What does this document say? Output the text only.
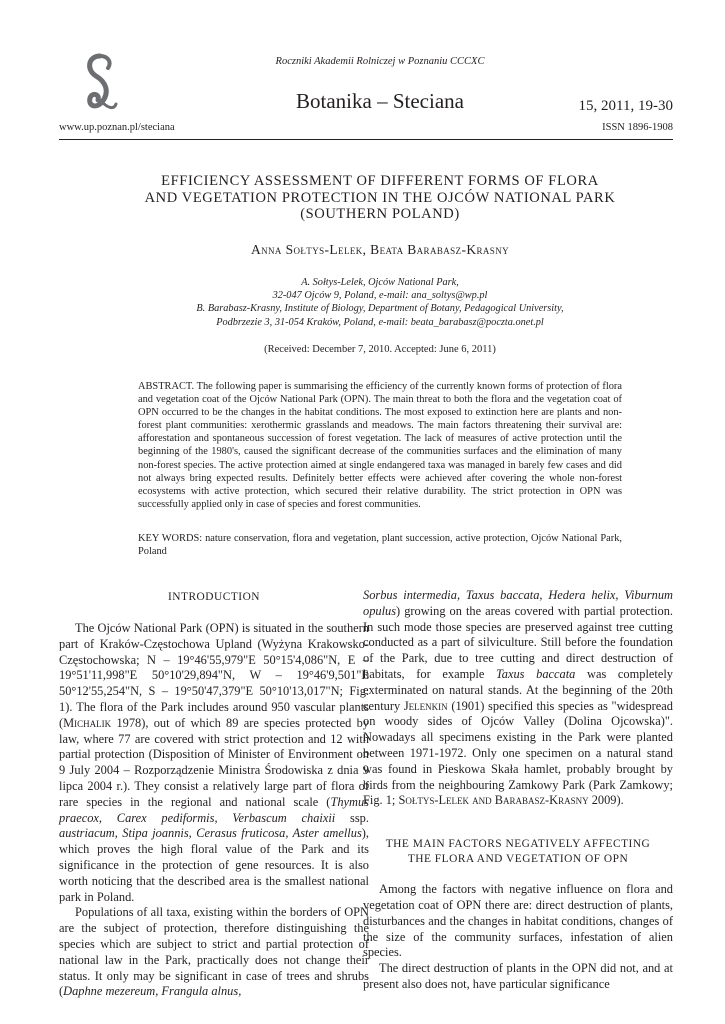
Roczniki Akademii Rolniczej w Poznaniu CCCXC
Botanika – Steciana	15, 2011, 19-30
www.up.poznan.pl/steciana	ISSN 1896-1908
EFFICIENCY ASSESSMENT OF DIFFERENT FORMS OF FLORA
AND VEGETATION PROTECTION IN THE OJCÓW NATIONAL PARK
(SOUTHERN POLAND)
Anna Sołtys-Lelek, Beata Barabasz-Krasny
A. Sołtys-Lelek, Ojców National Park,
32-047 Ojców 9, Poland, e-mail: ana_soltys@wp.pl
B. Barabasz-Krasny, Institute of Biology, Department of Botany, Pedagogical University,
Podbrzezie 3, 31-054 Kraków, Poland, e-mail: beata_barabasz@poczta.onet.pl
(Received: December 7, 2010. Accepted: June 6, 2011)
ABSTRACT. The following paper is summarising the efficiency of the currently known forms of protection of flora and vegetation coat of the Ojców National Park (OPN). The main threat to both the flora and the vegetation coat of OPN occurred to be the changes in the habitat conditions. The most exposed to extinction here are plants and non-forest plant communities: xerothermic grasslands and meadows. The main factors threatening their survival are: afforestation and spontaneous succession of forest vegetation. The lack of measures of active protection until the beginning of the 1980's, caused the significant decrease of the communities surfaces and the elimination of many non-forest species. The active protection aimed at single endangered taxa was managed in barely few cases and did not always bring expected results. Definitely better effects were achieved after covering the whole non-forest ecosystems with active protection, which secured their relative durability. The strict protection in OPN was successfully applied only in case of species and forest communities.
KEY WORDS: nature conservation, flora and vegetation, plant succession, active protection, Ojców National Park, Poland
INTRODUCTION

The Ojców National Park (OPN) is situated in the southern part of Kraków-Częstochowa Upland (Wyżyna Krakowsko-Częstochowska; N – 19°46'55,979"E 50°15'4,086"N, E – 19°51'11,998"E 50°10'29,894"N, W – 19°46'9,501"E 50°12'55,254"N, S – 19°50'47,379"E 50°10'13,017"N; Fig. 1). The flora of the Park includes around 950 vascular plants (Michalik 1978), out of which 89 are species protected by law, where 77 are covered with strict protection and 12 with partial protection (Disposition of Minister of Environment on 9 July 2004 – Rozporządzenie Ministra Środowiska z dnia 9 lipca 2004 r.). They consist a relatively large part of flora of rare species in the regional and national scale (Thymus praecox, Carex pediformis, Verbascum chaixii ssp. austriacum, Stipa joannis, Cerasus fruticosa, Aster amellus), which proves the high floral value of the Park and its significance in the protection of gene resources. It is also worth noticing that the described area is the smallest national park in Poland.

Populations of all taxa, existing within the borders of OPN are the subject of protection, therefore distinguishing the species which are subject to strict and partial protection of national law in the Park, practically does not change their status. It only may be significant in case of trees and shrubs (Daphne mezereum, Frangula alnus,

Sorbus intermedia, Taxus baccata, Hedera helix, Viburnum opulus) growing on the areas covered with partial protection. In such mode those species are preserved against tree cutting conducted as a part of silviculture. Still before the foundation of the Park, due to tree cutting and direct destruction of habitats, for example Taxus baccata was completely exterminated on natural stands. At the beginning of the 20th century Jelenkin (1901) specified this species as "widespread on woody sides of Ojców Valley (Dolina Ojcowska)". Nowadays all specimens existing in the Park were planted between 1971-1972. Only one specimen on a natural stand was found in Pieskowa Skała hamlet, probably brought by birds from the neighbouring Zamkowy Park (Park Zamkowy; Fig. 1; Sołtys-Lelek and Barabasz-Krasny 2009).

THE MAIN FACTORS NEGATIVELY AFFECTING
THE FLORA AND VEGETATION OF OPN

Among the factors with negative influence on flora and vegetation coat of OPN there are: direct destruction of plants, disturbances and the changes in habitat conditions, changes of the size of the community surfaces, infestation of alien species.

The direct destruction of plants in the OPN did not, and at present also does not, have particular significance
